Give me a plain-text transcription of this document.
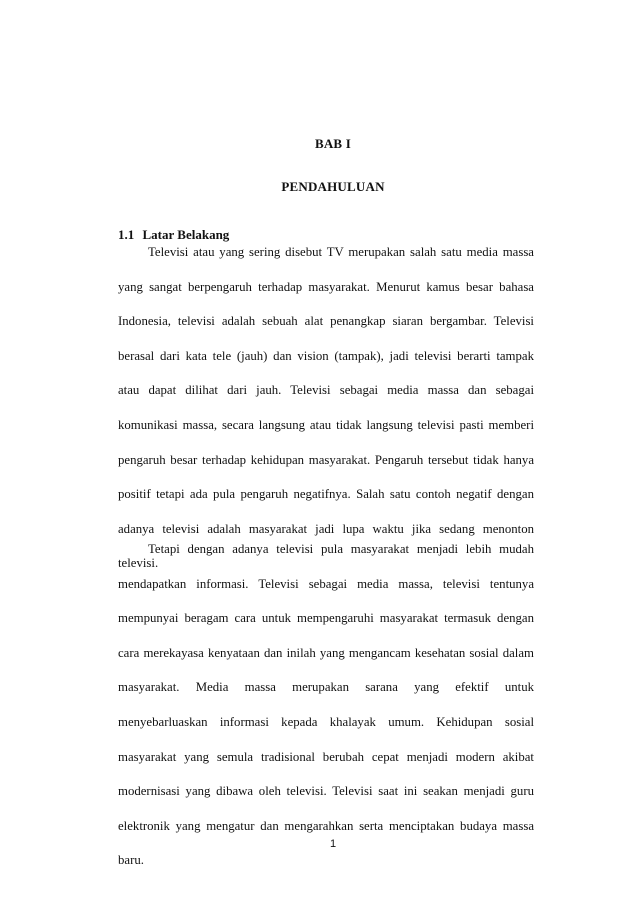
BAB I
PENDAHULUAN
1.1 Latar Belakang

Televisi atau yang sering disebut TV merupakan salah satu media massa yang sangat berpengaruh terhadap masyarakat. Menurut kamus besar bahasa Indonesia, televisi adalah sebuah alat penangkap siaran bergambar. Televisi berasal dari kata tele (jauh) dan vision (tampak), jadi televisi berarti tampak atau dapat dilihat dari jauh. Televisi sebagai media massa dan sebagai komunikasi massa, secara langsung atau tidak langsung televisi pasti memberi pengaruh besar terhadap kehidupan masyarakat. Pengaruh tersebut tidak hanya positif tetapi ada pula pengaruh negatifnya. Salah satu contoh negatif dengan adanya televisi adalah masyarakat jadi lupa waktu jika sedang menonton televisi.

Tetapi dengan adanya televisi pula masyarakat menjadi lebih mudah mendapatkan informasi. Televisi sebagai media massa, televisi tentunya mempunyai beragam cara untuk mempengaruhi masyarakat termasuk dengan cara merekayasa kenyataan dan inilah yang mengancam kesehatan sosial dalam masyarakat. Media massa merupakan sarana yang efektif untuk menyebarluaskan informasi kepada khalayak umum. Kehidupan sosial masyarakat yang semula tradisional berubah cepat menjadi modern akibat modernisasi yang dibawa oleh televisi. Televisi saat ini seakan menjadi guru elektronik yang mengatur dan mengarahkan serta menciptakan budaya massa baru.

1
